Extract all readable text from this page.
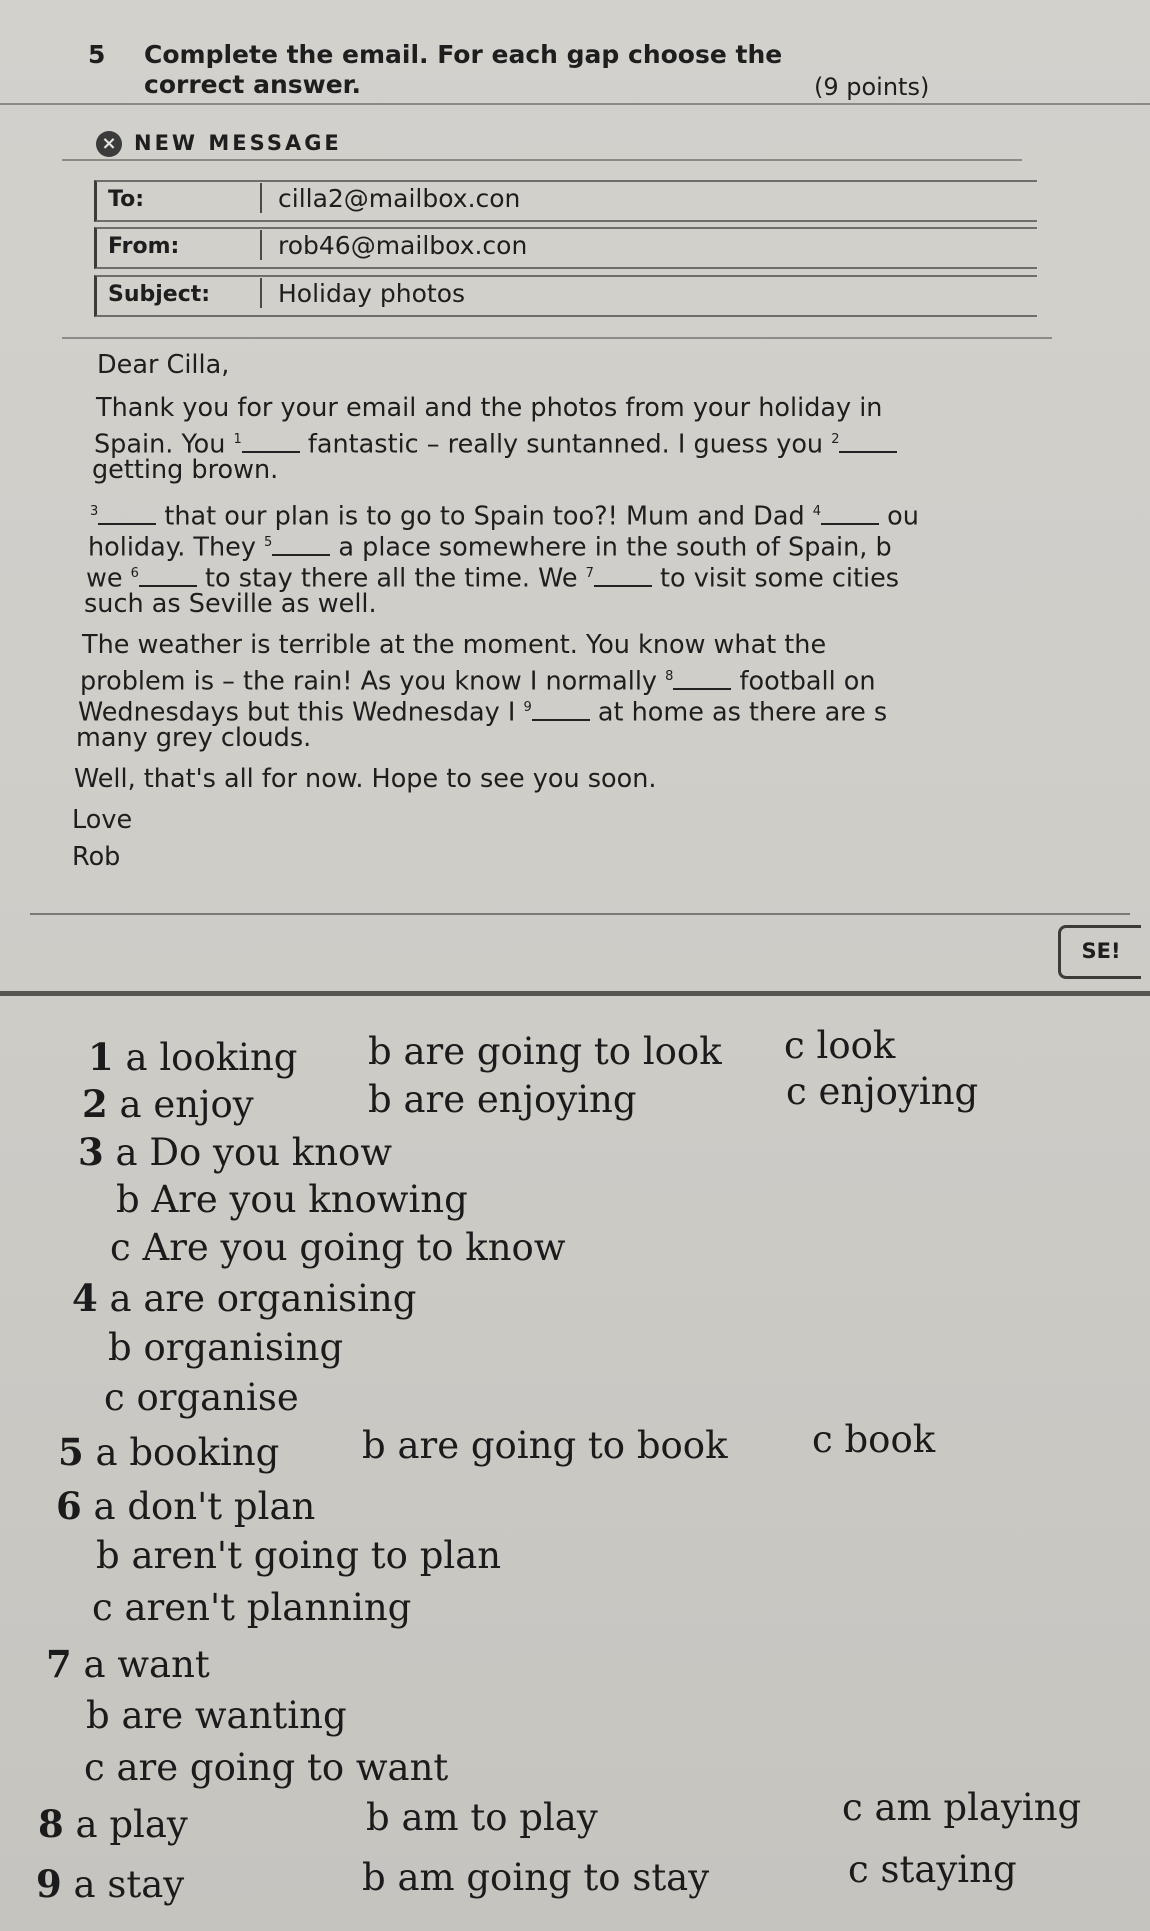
5 Complete the email. For each gap choose the correct answer.	(9 points)
× NEW MESSAGE
To:	cilla2@mailbox.con
From:	rob46@mailbox.con
Subject:	Holiday photos
Dear Cilla,
Thank you for your email and the photos from your holiday in
Spain. You $^1$ fantastic – really suntanned. I guess you $^2$
getting brown.
$^3$ that our plan is to go to Spain too?! Mum and Dad $^4$ ou
holiday. They $^5$ a place somewhere in the south of Spain, b
we $^6$ to stay there all the time. We $^7$ to visit some cities
such as Seville as well.
The weather is terrible at the moment. You know what the
problem is – the rain! As you know I normally $^8$ football on
Wednesdays but this Wednesday I $^9$ at home as there are s
many grey clouds.
Well, that's all for now. Hope to see you soon.
Love
Rob
SE!
1 a looking b are going to look c look
2 a enjoy	b are enjoying	c enjoying
3 a Do you know
b Are you knowing
c Are you going to know
4 a are organising
b organising
c organise
5 a booking b are going to book c book
6 a don't plan
b aren't going to plan
c aren't planning
7 a want
b are wanting
c are going to want
8 a play	b am to play	c am playing
9 a stay	b am going to stay	c staying
